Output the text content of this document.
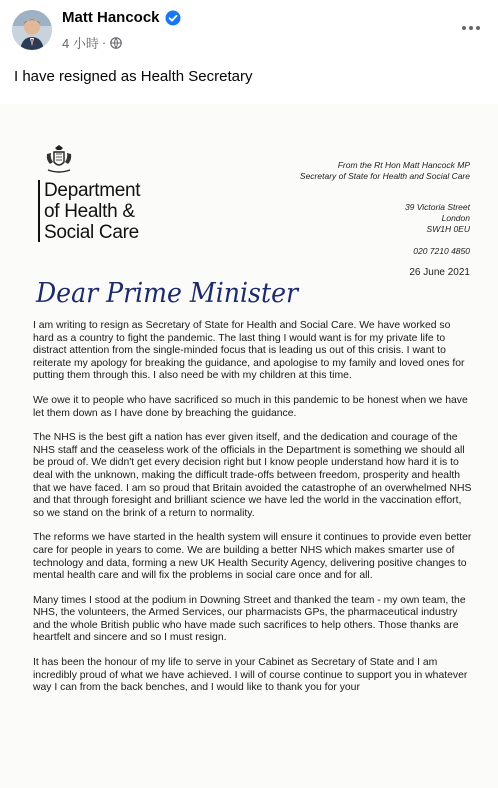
Matt Hancock
4 小時 ·
I have resigned as Health Secretary
Department
of Health &
Social Care
From the Rt Hon Matt Hancock MP
Secretary of State for Health and Social Care
39 Victoria Street
London
SW1H 0EU
020 7210 4850
26 June 2021
Dear Prime Minister

I am writing to resign as Secretary of State for Health and Social Care. We have worked so hard as a country to fight the pandemic. The last thing I would want is for my private life to distract attention from the single-minded focus that is leading us out of this crisis. I want to reiterate my apology for breaking the guidance, and apologise to my family and loved ones for putting them through this. I also need be with my children at this time.

We owe it to people who have sacrificed so much in this pandemic to be honest when we have let them down as I have done by breaching the guidance.

The NHS is the best gift a nation has ever given itself, and the dedication and courage of the NHS staff and the ceaseless work of the officials in the Department is something we should all be proud of. We didn't get every decision right but I know people understand how hard it is to deal with the unknown, making the difficult trade-offs between freedom, prosperity and health that we have faced. I am so proud that Britain avoided the catastrophe of an overwhelmed NHS and that through foresight and brilliant science we have led the world in the vaccination effort, so we stand on the brink of a return to normality.

The reforms we have started in the health system will ensure it continues to provide even better care for people in years to come. We are building a better NHS which makes smarter use of technology and data, forming a new UK Health Security Agency, delivering positive changes to mental health care and will fix the problems in social care once and for all.

Many times I stood at the podium in Downing Street and thanked the team - my own team, the NHS, the volunteers, the Armed Services, our pharmacists GPs, the pharmaceutical industry and the whole British public who have made such sacrifices to help others. Those thanks are heartfelt and sincere and so I must resign.

It has been the honour of my life to serve in your Cabinet as Secretary of State and I am incredibly proud of what we have achieved. I will of course continue to support you in whatever way I can from the back benches, and I would like to thank you for your
